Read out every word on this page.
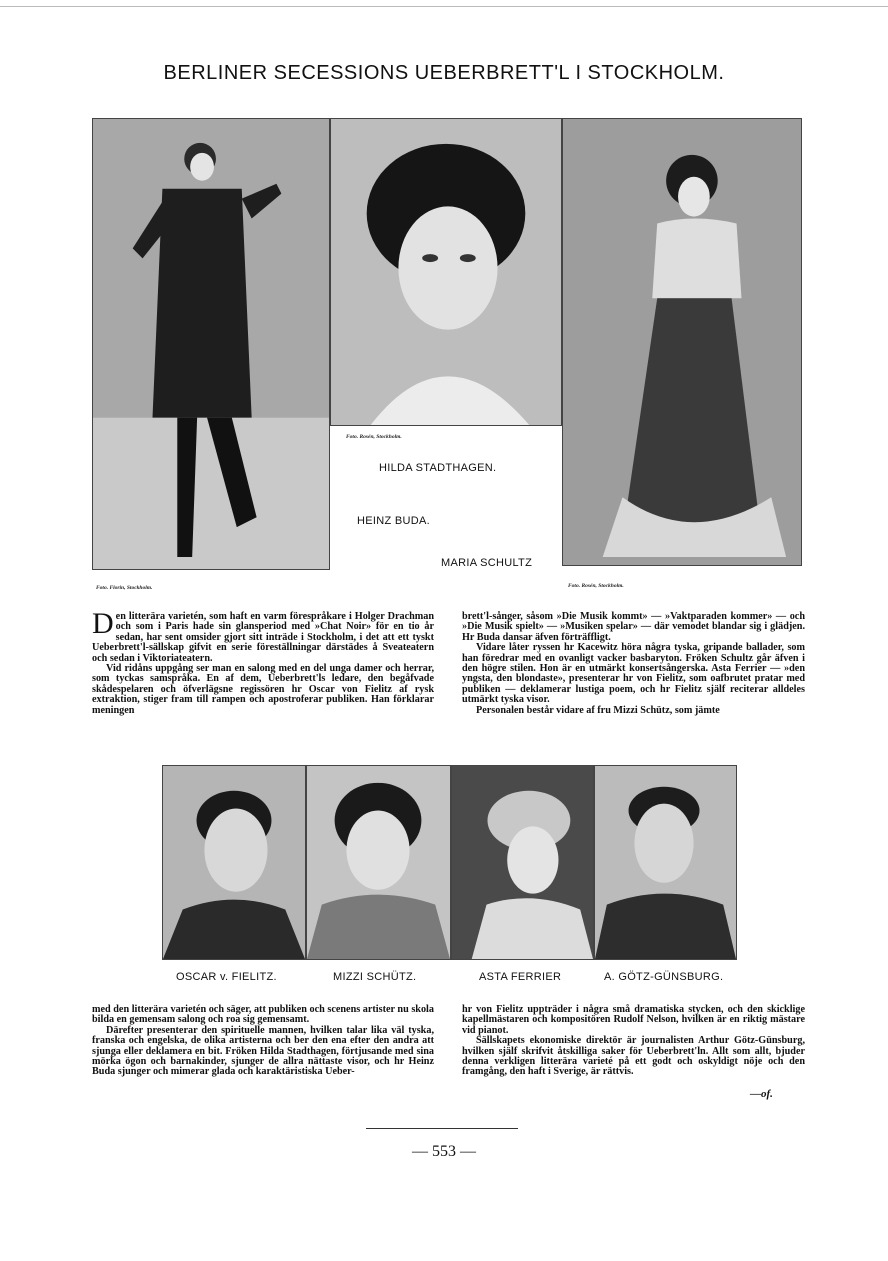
BERLINER SECESSIONS UEBERBRETT'L I STOCKHOLM.
Foto. Rosén, Stockholm.
HILDA STADTHAGEN.
HEINZ BUDA.
MARIA SCHULTZ
Foto. Florin, Stockholm.	Foto. Rosén, Stockholm.

Den litterära varietén, som haft en varm förespråkare i Holger Drachman och som i Paris hade sin glansperiod med »Chat Noir» för en tio år sedan, har sent omsider gjort sitt inträde i Stockholm, i det att ett tyskt Ueberbrett'l-sällskap gifvit en serie föreställningar därstädes å Sveateatern och sedan i Viktoriateatern.

Vid ridåns uppgång ser man en salong med en del unga damer och herrar, som tyckas samspråka. En af dem, Ueberbrett'ls ledare, den begåfvade skådespelaren och öfverlägsne regissören hr Oscar von Fielitz af rysk extraktion, stiger fram till rampen och apostroferar publiken. Han förklarar meningen

brett'l-sånger, såsom »Die Musik kommt» — »Vaktparaden kommer» — och »Die Musik spielt» — »Musiken spelar» — där vemodet blandar sig i glädjen. Hr Buda dansar äfven förträffligt.

Vidare låter ryssen hr Kacewitz höra några tyska, gripande ballader, som han föredrar med en ovanligt vacker basbaryton. Fröken Schultz går äfven i den högre stilen. Hon är en utmärkt konsertsångerska. Asta Ferrier — »den yngsta, den blondaste», presenterar hr von Fielitz, som oafbrutet pratar med publiken — deklamerar lustiga poem, och hr Fielitz själf reciterar alldeles utmärkt tyska visor.

Personalen består vidare af fru Mizzi Schütz, som jämte

OSCAR v. FIELITZ.	MIZZI SCHÜTZ.	ASTA FERRIER	A. GÖTZ-GÜNSBURG.

med den litterära varietén och säger, att publiken och scenens artister nu skola bilda en gemensam salong och roa sig gemensamt.

Därefter presenterar den spirituelle mannen, hvilken talar lika väl tyska, franska och engelska, de olika artisterna och ber den ena efter den andra att sjunga eller deklamera en bit. Fröken Hilda Stadthagen, förtjusande med sina mörka ögon och barnakinder, sjunger de allra nättaste visor, och hr Heinz Buda sjunger och mimerar glada och karaktäristiska Ueber-

hr von Fielitz uppträder i några små dramatiska stycken, och den skicklige kapellmästaren och kompositören Rudolf Nelson, hvilken är en riktig mästare vid pianot.

Sällskapets ekonomiske direktör är journalisten Arthur Götz-Günsburg, hvilken själf skrifvit åtskilliga saker för Ueberbrett'ln. Allt som allt, bjuder denna verkligen litterära varieté på ett godt och oskyldigt nöje och den framgång, den haft i Sverige, är rättvis.

—of.
— 553 —
